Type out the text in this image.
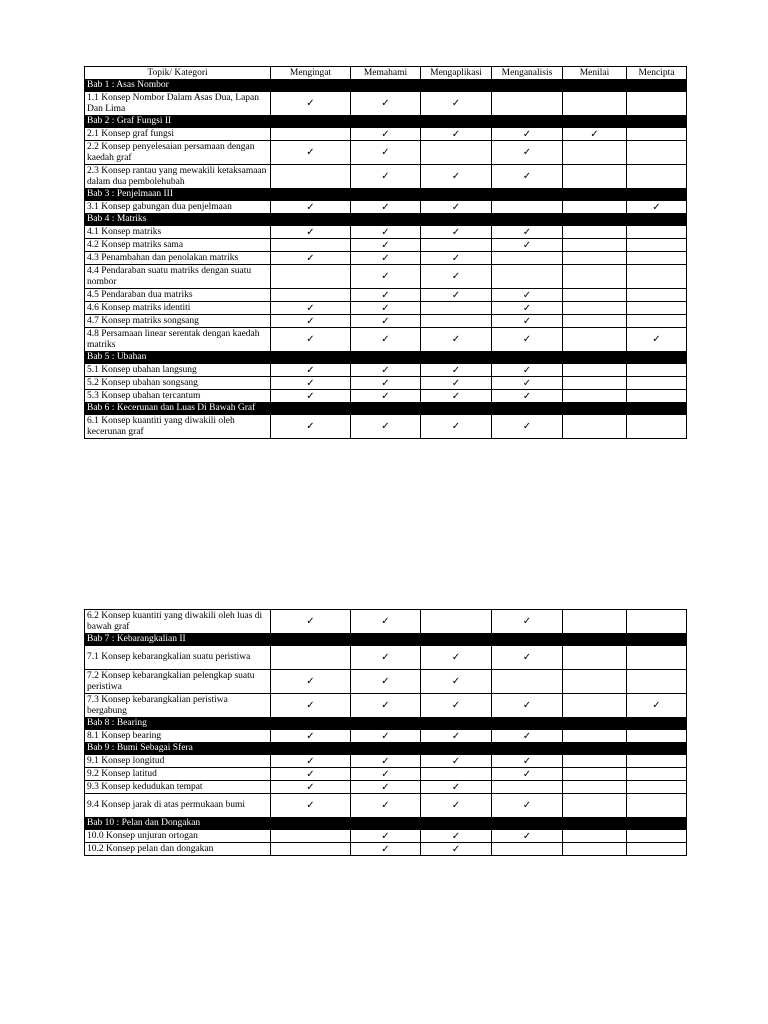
Topik/ Kategori	Mengingat	Memahami	Mengaplikasi	Menganalisis	Menilai	Mencipta
Bab 1 : Asas Nombor						
1.1 Konsep Nombor Dalam Asas Dua, Lapan Dan Lima	✓	✓	✓			
Bab 2 : Graf Fungsi II						
2.1 Konsep graf fungsi		✓	✓	✓	✓	
2.2 Konsep penyelesaian persamaan dengan kaedah graf	✓	✓		✓		
2.3 Konsep rantau yang mewakili ketaksamaan dalam dua pembolehubah		✓	✓	✓		
Bab 3 : Penjelmaan III						
3.1 Konsep gabungan dua penjelmaan	✓	✓	✓			✓
Bab 4 : Matriks						
4.1 Konsep matriks	✓	✓	✓	✓		
4.2 Konsep matriks sama		✓		✓		
4.3 Penambahan dan penolakan matriks	✓	✓	✓			
4.4 Pendaraban suatu matriks dengan suatu nombor		✓	✓			
4.5 Pendaraban dua matriks		✓	✓	✓		
4.6 Konsep matriks identiti	✓	✓		✓		
4.7 Konsep matriks songsang	✓	✓		✓		
4.8 Persamaan linear serentak dengan kaedah matriks	✓	✓	✓	✓		✓
Bab 5 : Ubahan						
5.1 Konsep ubahan langsung	✓	✓	✓	✓		
5.2 Konsep ubahan songsang	✓	✓	✓	✓		
5.3 Konsep ubahan tercantum	✓	✓	✓	✓		
Bab 6 : Kecerunan dan Luas Di Bawah Graf						
6.1 Konsep kuantiti yang diwakili oleh kecerunan graf	✓	✓	✓	✓		
6.2 Konsep kuantiti yang diwakili oleh luas di bawah graf	✓	✓		✓		
Bab 7 : Kebarangkalian II						
7.1 Konsep kebarangkalian suatu peristiwa		✓	✓	✓		
7.2 Konsep kebarangkalian pelengkap suatu peristiwa	✓	✓	✓			
7.3 Konsep kebarangkalian peristiwa bergabung	✓	✓	✓	✓		✓
Bab 8 : Bearing						
8.1 Konsep bearing	✓	✓	✓	✓		
Bab 9 : Bumi Sebagai Sfera						
9.1 Konsep longitud	✓	✓	✓	✓		
9.2 Konsep latitud	✓	✓		✓		
9.3 Konsep kedudukan tempat	✓	✓	✓			
9.4 Konsep jarak di atas permukaan bumi	✓	✓	✓	✓		
Bab 10 : Pelan dan Dongakan						
10.0 Konsep unjuran ortogan		✓	✓	✓		
10.2 Konsep pelan dan dongakan		✓	✓			
